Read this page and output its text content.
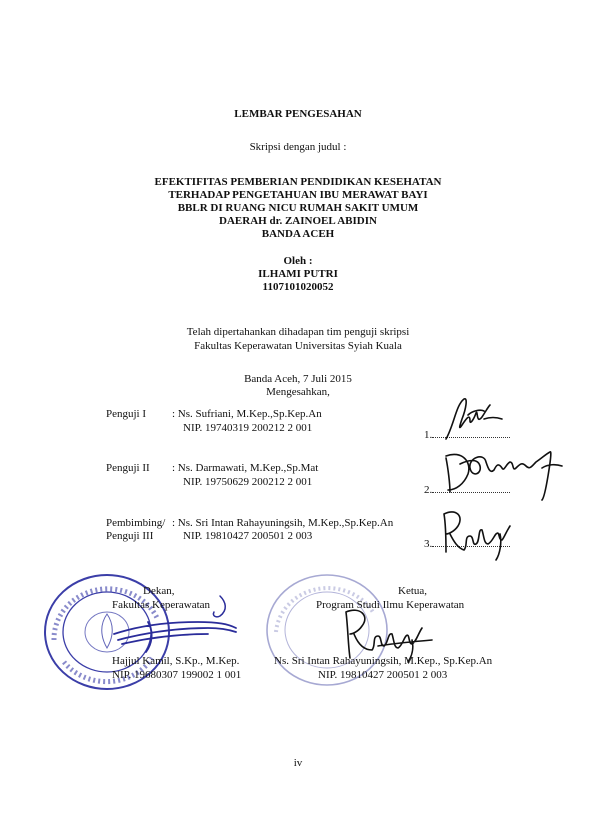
LEMBAR PENGESAHAN
Skripsi dengan judul :
EFEKTIFITAS PEMBERIAN PENDIDIKAN KESEHATAN
TERHADAP PENGETAHUAN IBU MERAWAT BAYI
BBLR DI RUANG NICU RUMAH SAKIT UMUM
DAERAH dr. ZAINOEL ABIDIN
BANDA ACEH
Oleh :
ILHAMI PUTRI
1107101020052
Telah dipertahankan dihadapan tim penguji skripsi
Fakultas Keperawatan Universitas Syiah Kuala
Banda Aceh, 7 Juli 2015
Mengesahkan,
Penguji I : Ns. Sufriani, M.Kep.,Sp.Kep.An
NIP. 19740319 200212 2 001
1.
Penguji II : Ns. Darmawati, M.Kep.,Sp.Mat
NIP. 19750629 200212 2 001
2.
Pembimbing/
Penguji III
: Ns. Sri Intan Rahayuningsih, M.Kep.,Sp.Kep.An
NIP. 19810427 200501 2 003
3.
Dekan,
Fakultas Keperawatan
Hajjul Kamil, S.Kp., M.Kep.
NIP. 19680307 199002 1 001
Ketua,
Program Studi Ilmu Keperawatan
Ns. Sri Intan Rahayuningsih, M.Kep., Sp.Kep.An
NIP. 19810427 200501 2 003
iv
